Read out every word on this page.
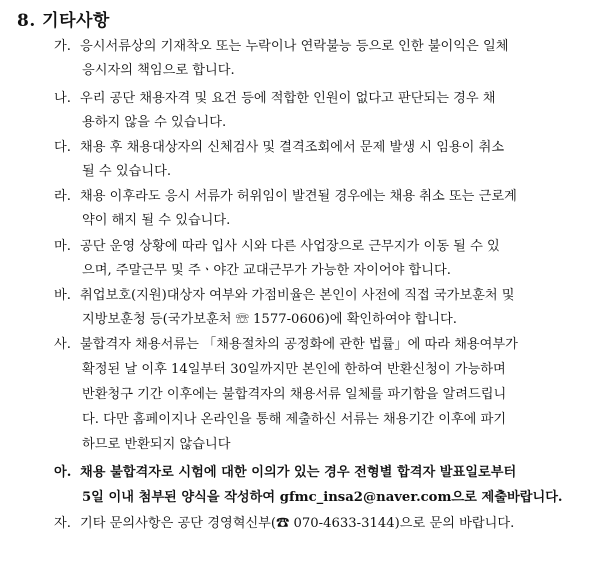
8. 기타사항
가. 응시서류상의 기재착오 또는 누락이나 연락불능 등으로 인한 불이익은 일체
응시자의 책임으로 합니다.
나. 우리 공단 채용자격 및 요건 등에 적합한 인원이 없다고 판단되는 경우 채
용하지 않을 수 있습니다.
다. 채용 후 채용대상자의 신체검사 및 결격조회에서 문제 발생 시 임용이 취소
될 수 있습니다.
라. 채용 이후라도 응시 서류가 허위임이 발견될 경우에는 채용 취소 또는 근로계
약이 해지 될 수 있습니다.
마. 공단 운영 상황에 따라 입사 시와 다른 사업장으로 근무지가 이동 될 수 있
으며, 주말근무 및 주ㆍ야간 교대근무가 가능한 자이어야 합니다.
바. 취업보호(지원)대상자 여부와 가점비율은 본인이 사전에 직접 국가보훈처 및
지방보훈청 등(국가보훈처 ☏ 1577-0606)에 확인하여야 합니다.
사. 불합격자 채용서류는 「채용절차의 공정화에 관한 법률」에 따라 채용여부가
확정된 날 이후 14일부터 30일까지만 본인에 한하여 반환신청이 가능하며
반환청구 기간 이후에는 불합격자의 채용서류 일체를 파기함을 알려드립니
다. 다만 홈페이지나 온라인을 통해 제출하신 서류는 채용기간 이후에 파기
하므로 반환되지 않습니다
아. 채용 불합격자로 시험에 대한 이의가 있는 경우 전형별 합격자 발표일로부터
5일 이내 첨부된 양식을 작성하여 gfmc_insa2@naver.com으로 제출바랍니다.
자. 기타 문의사항은 공단 경영혁신부(☎ 070-4633-3144)으로 문의 바랍니다.
